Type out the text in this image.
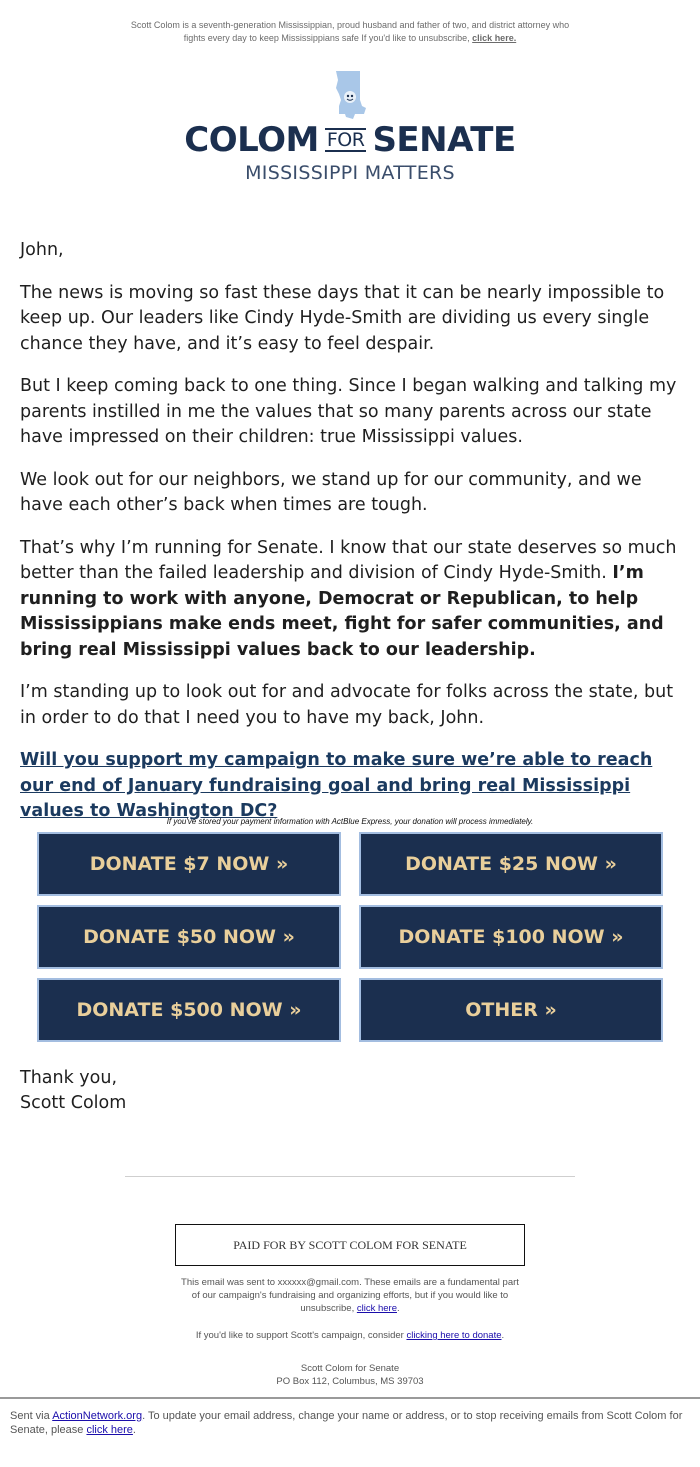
Scott Colom is a seventh-generation Mississippian, proud husband and father of two, and district attorney who fights every day to keep Mississippians safe If you'd like to unsubscribe, click here.
COLOM FOR SENATE
MISSISSIPPI MATTERS

John,

The news is moving so fast these days that it can be nearly impossible to keep up. Our leaders like Cindy Hyde-Smith are dividing us every single chance they have, and it’s easy to feel despair.

But I keep coming back to one thing. Since I began walking and talking my parents instilled in me the values that so many parents across our state have impressed on their children: true Mississippi values.

We look out for our neighbors, we stand up for our community, and we have each other’s back when times are tough.

That’s why I’m running for Senate. I know that our state deserves so much better than the failed leadership and division of Cindy Hyde-Smith. I’m running to work with anyone, Democrat or Republican, to help Mississippians make ends meet, fight for safer communities, and bring real Mississippi values back to our leadership.

I’m standing up to look out for and advocate for folks across the state, but in order to do that I need you to have my back, John.

Will you support my campaign to make sure we’re able to reach our end of January fundraising goal and bring real Mississippi values to Washington DC?
If you've stored your payment information with ActBlue Express, your donation will process immediately.
DONATE $7 NOW »	DONATE $25 NOW »
DONATE $50 NOW »	DONATE $100 NOW »
DONATE $500 NOW »	OTHER »
Thank you,
Scott Colom
PAID FOR BY SCOTT COLOM FOR SENATE
This email was sent to xxxxxx@gmail.com. These emails are a fundamental part of our campaign's fundraising and organizing efforts, but if you would like to unsubscribe, click here.
If you'd like to support Scott's campaign, consider clicking here to donate.
Scott Colom for Senate
PO Box 112, Columbus, MS 39703
Sent via ActionNetwork.org. To update your email address, change your name or address, or to stop receiving emails from Scott Colom for Senate, please click here.
